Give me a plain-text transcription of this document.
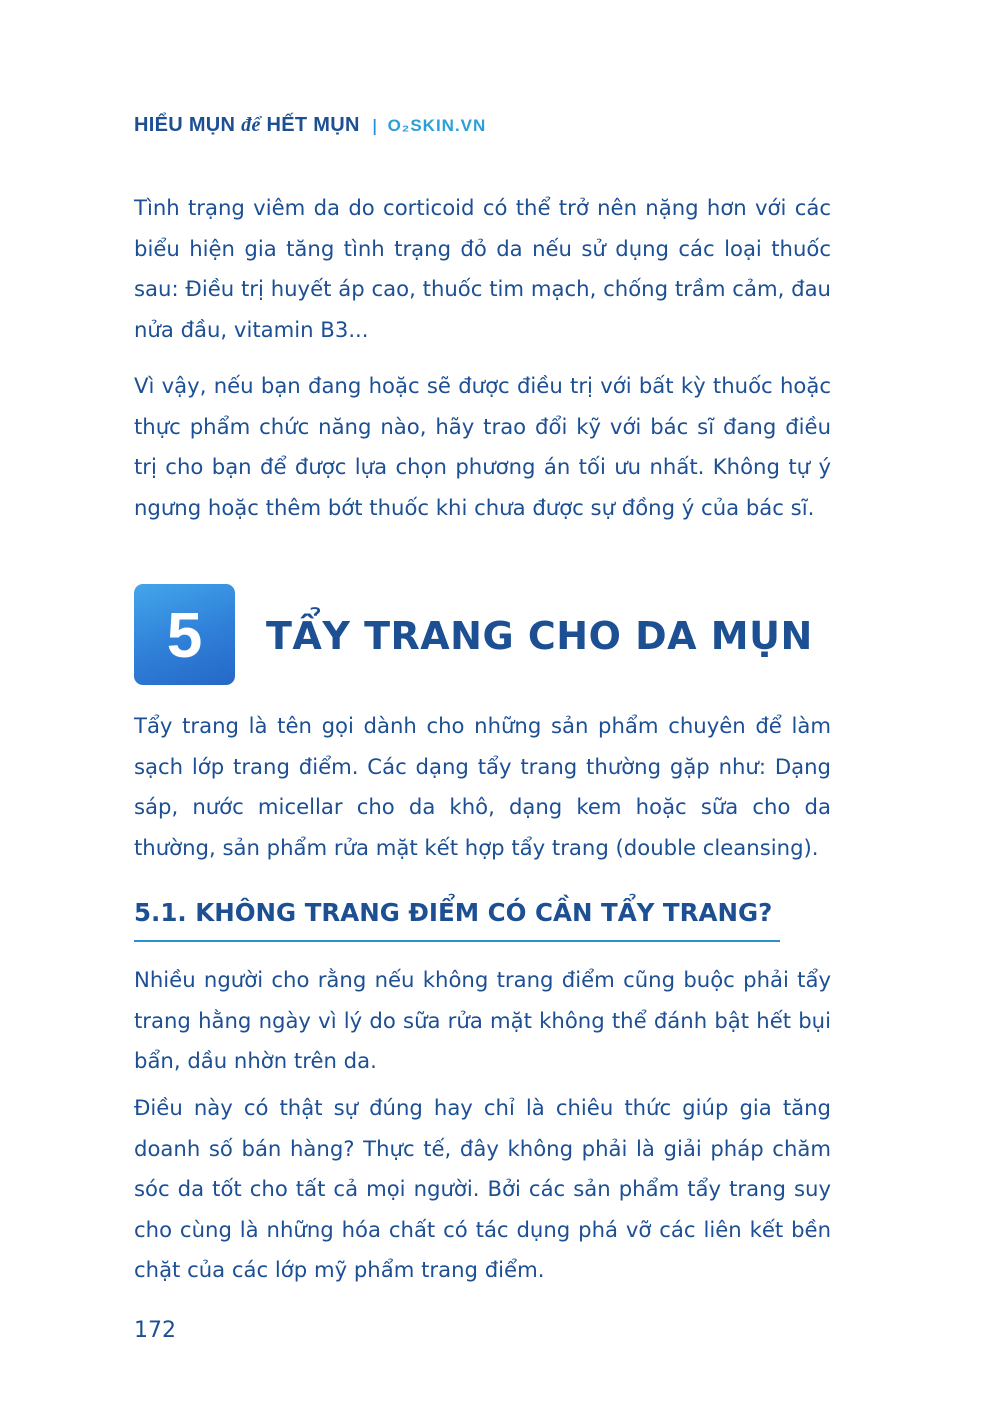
HIỂU MỤN để HẾT MỤN | O₂SKIN.VN

Tình trạng viêm da do corticoid có thể trở nên nặng hơn với các biểu hiện gia tăng tình trạng đỏ da nếu sử dụng các loại thuốc sau: Điều trị huyết áp cao, thuốc tim mạch, chống trầm cảm, đau nửa đầu, vitamin B3...

Vì vậy, nếu bạn đang hoặc sẽ được điều trị với bất kỳ thuốc hoặc thực phẩm chức năng nào, hãy trao đổi kỹ với bác sĩ đang điều trị cho bạn để được lựa chọn phương án tối ưu nhất. Không tự ý ngưng hoặc thêm bớt thuốc khi chưa được sự đồng ý của bác sĩ.

5	TẨY TRANG CHO DA MỤN

Tẩy trang là tên gọi dành cho những sản phẩm chuyên để làm sạch lớp trang điểm. Các dạng tẩy trang thường gặp như: Dạng sáp, nước micellar cho da khô, dạng kem hoặc sữa cho da thường, sản phẩm rửa mặt kết hợp tẩy trang (double cleansing).

5.1. KHÔNG TRANG ĐIỂM CÓ CẦN TẨY TRANG?

Nhiều người cho rằng nếu không trang điểm cũng buộc phải tẩy trang hằng ngày vì lý do sữa rửa mặt không thể đánh bật hết bụi bẩn, dầu nhờn trên da.

Điều này có thật sự đúng hay chỉ là chiêu thức giúp gia tăng doanh số bán hàng? Thực tế, đây không phải là giải pháp chăm sóc da tốt cho tất cả mọi người. Bởi các sản phẩm tẩy trang suy cho cùng là những hóa chất có tác dụng phá vỡ các liên kết bền chặt của các lớp mỹ phẩm trang điểm.

172
